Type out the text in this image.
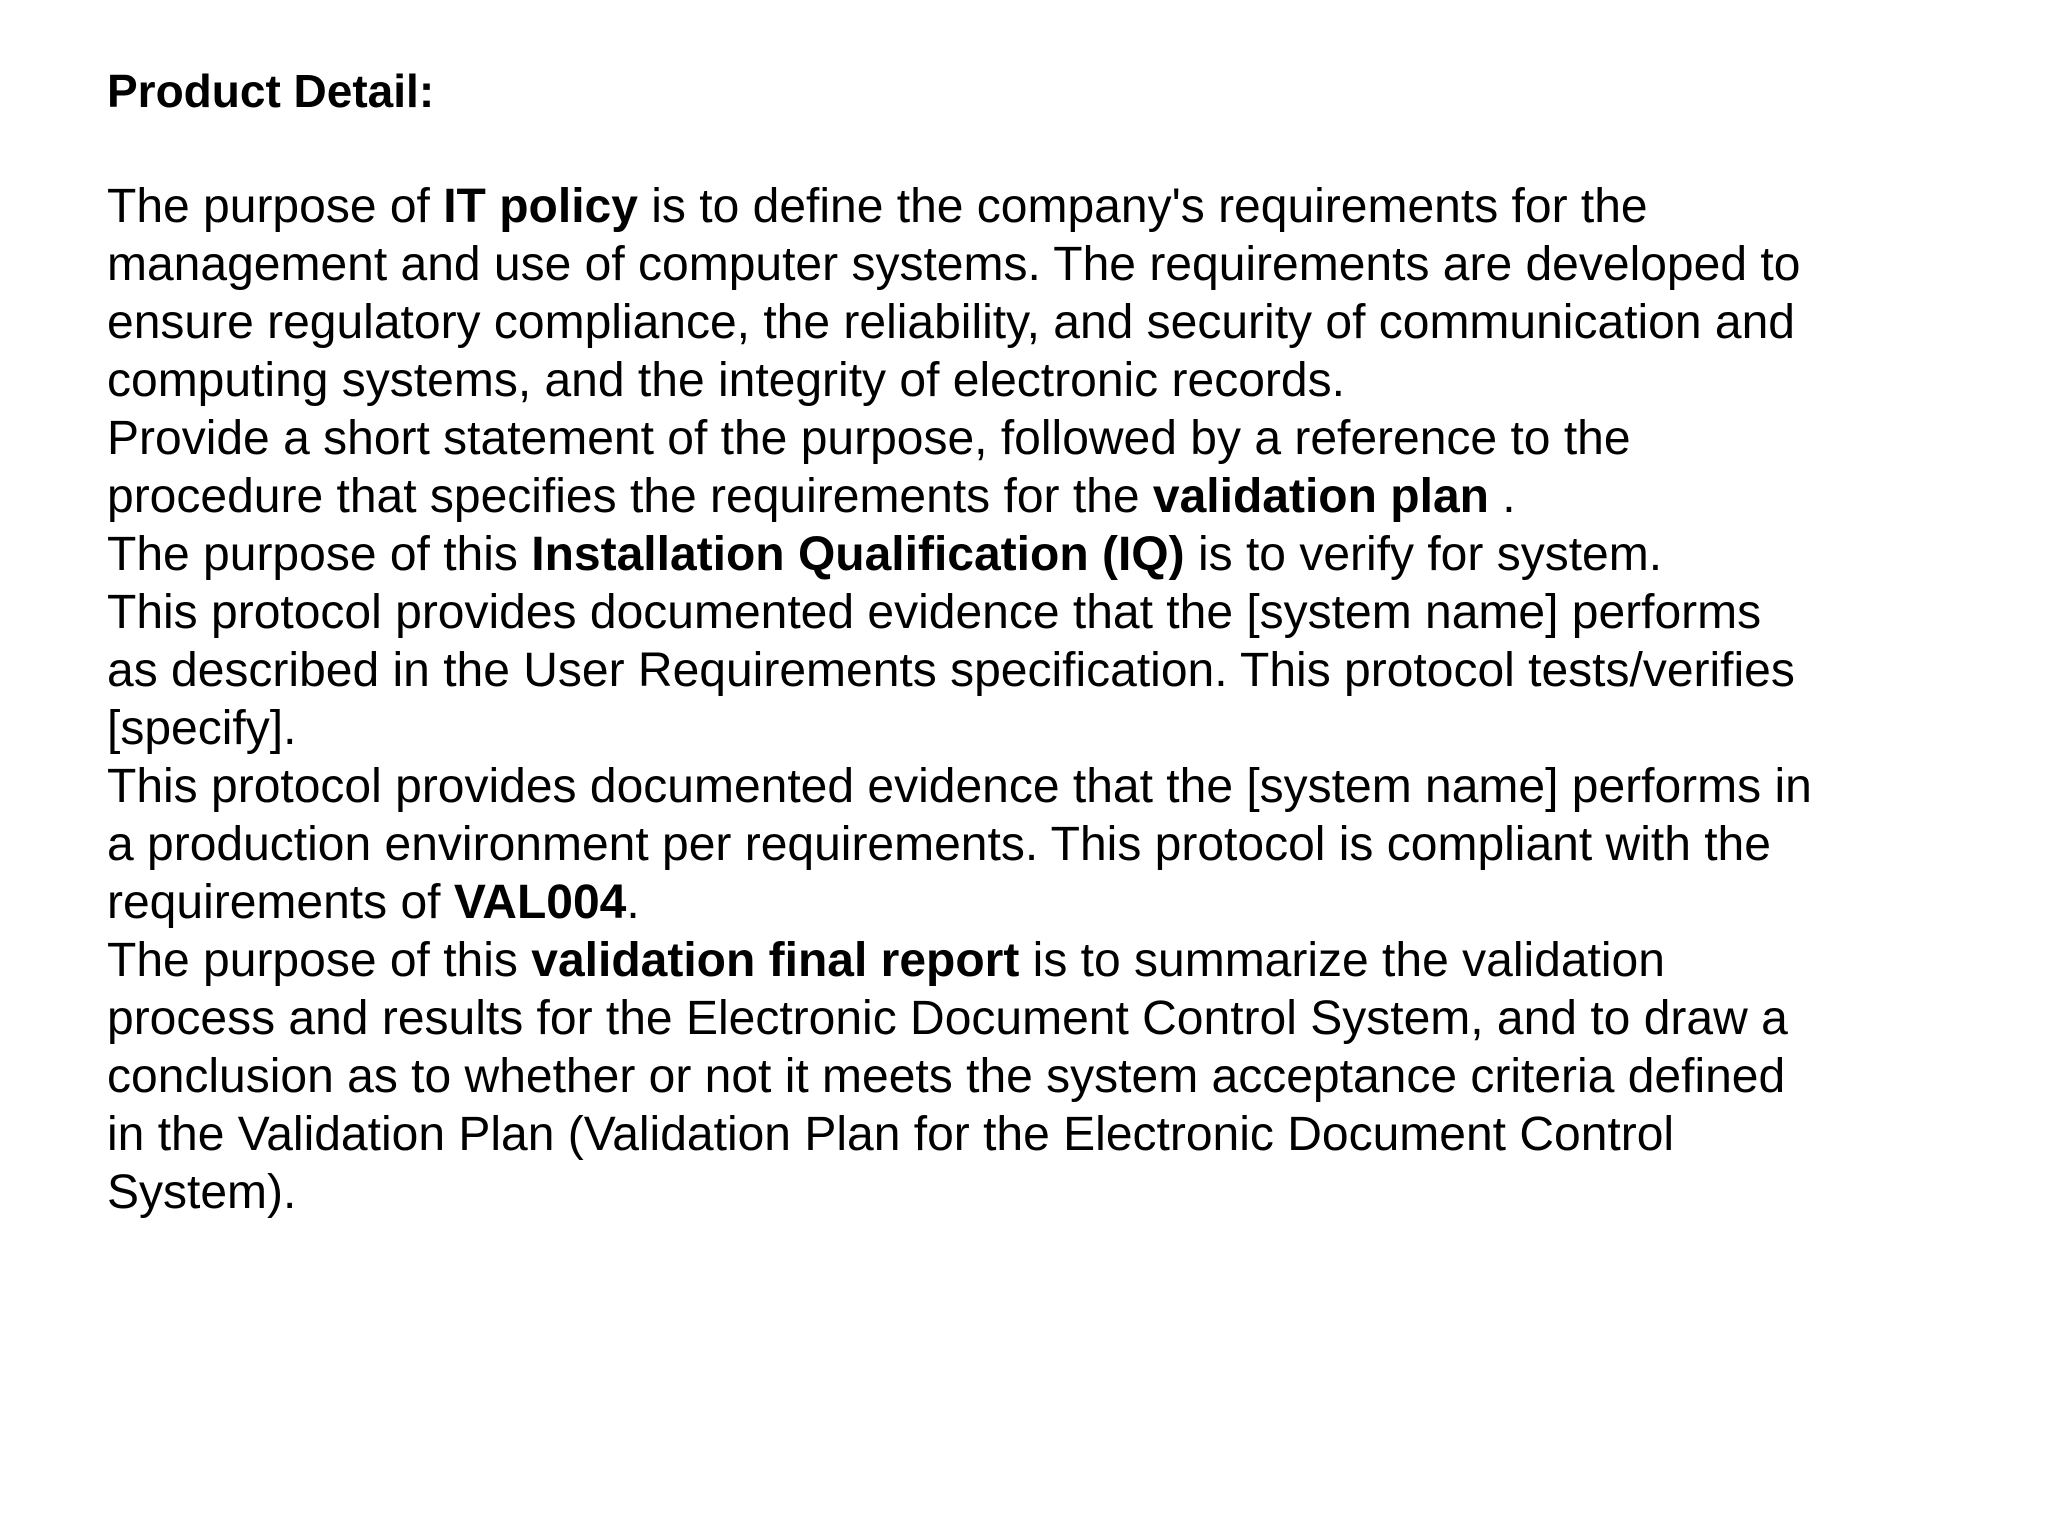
Product Detail:
The purpose of IT policy is to define the company's requirements for the
management and use of computer systems. The requirements are developed to
ensure regulatory compliance, the reliability, and security of communication and
computing systems, and the integrity of electronic records.
Provide a short statement of the purpose, followed by a reference to the
procedure that specifies the requirements for the validation plan .
The purpose of this Installation Qualification (IQ) is to verify for system.
This protocol provides documented evidence that the [system name] performs
as described in the User Requirements specification. This protocol tests/verifies
[specify].
This protocol provides documented evidence that the [system name] performs in
a production environment per requirements. This protocol is compliant with the
requirements of VAL004.
The purpose of this validation final report is to summarize the validation
process and results for the Electronic Document Control System, and to draw a
conclusion as to whether or not it meets the system acceptance criteria defined
in the Validation Plan (Validation Plan for the Electronic Document Control
System).
